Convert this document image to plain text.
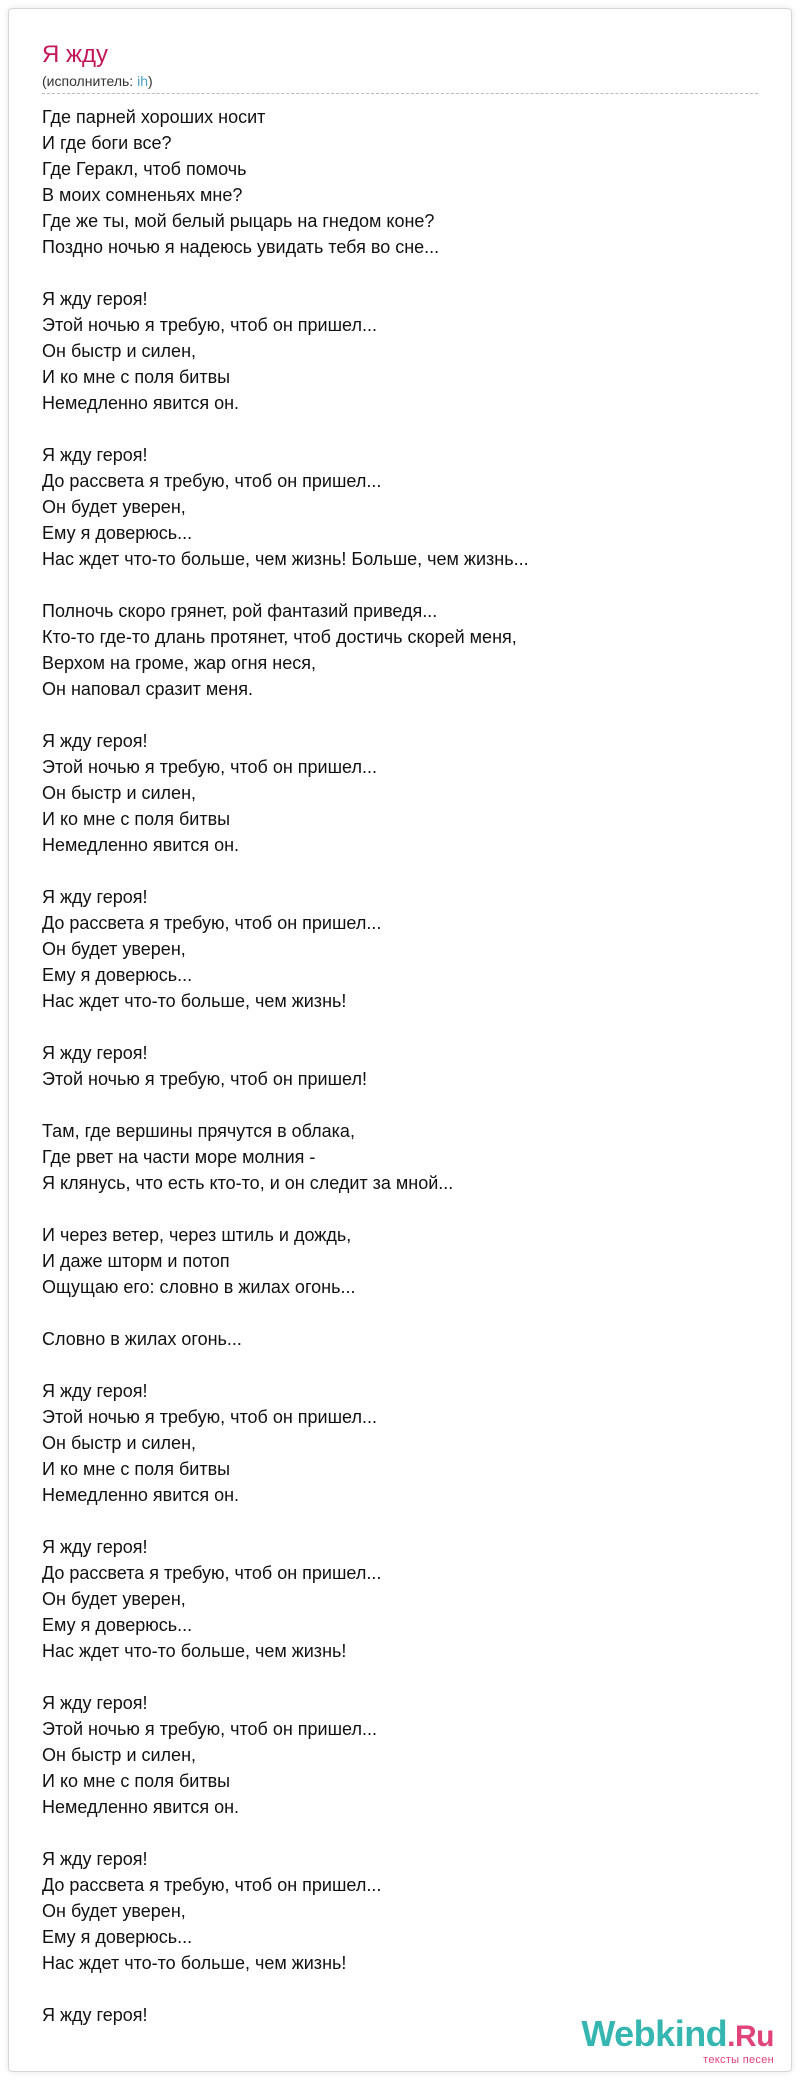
Я жду
(исполнитель: ih)
Где парней хороших носит
И где боги все?
Где Геракл, чтоб помочь
В моих сомненьях мне?
Где же ты, мой белый рыцарь на гнедом коне?
Поздно ночью я надеюсь увидать тебя во сне...
Я жду героя!
Этой ночью я требую, чтоб он пришел...
Он быстр и силен,
И ко мне с поля битвы
Немедленно явится он.
Я жду героя!
До рассвета я требую, чтоб он пришел...
Он будет уверен,
Ему я доверюсь...
Нас ждет что-то больше, чем жизнь! Больше, чем жизнь...
Полночь скоро грянет, рой фантазий приведя...
Кто-то где-то длань протянет, чтоб достичь скорей меня,
Верхом на громе, жар огня неся,
Он наповал сразит меня.
Я жду героя!
Этой ночью я требую, чтоб он пришел...
Он быстр и силен,
И ко мне с поля битвы
Немедленно явится он.
Я жду героя!
До рассвета я требую, чтоб он пришел...
Он будет уверен,
Ему я доверюсь...
Нас ждет что-то больше, чем жизнь!
Я жду героя!
Этой ночью я требую, чтоб он пришел!
Там, где вершины прячутся в облака,
Где рвет на части море молния -
Я клянусь, что есть кто-то, и он следит за мной...
И через ветер, через штиль и дождь,
И даже шторм и потоп
Ощущаю его: словно в жилах огонь...
Словно в жилах огонь...
Я жду героя!
Этой ночью я требую, чтоб он пришел...
Он быстр и силен,
И ко мне с поля битвы
Немедленно явится он.
Я жду героя!
До рассвета я требую, чтоб он пришел...
Он будет уверен,
Ему я доверюсь...
Нас ждет что-то больше, чем жизнь!
Я жду героя!
Этой ночью я требую, чтоб он пришел...
Он быстр и силен,
И ко мне с поля битвы
Немедленно явится он.
Я жду героя!
До рассвета я требую, чтоб он пришел...
Он будет уверен,
Ему я доверюсь...
Нас ждет что-то больше, чем жизнь!
Я жду героя!	Webkind.Ru
тексты песен
